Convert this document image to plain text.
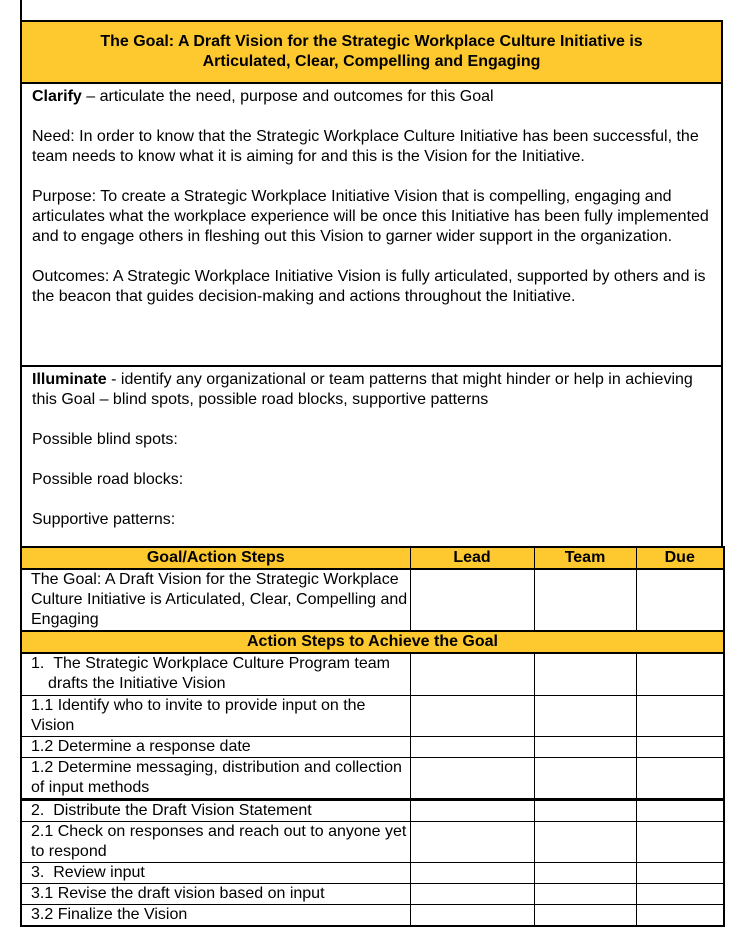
The Goal: A Draft Vision for the Strategic Workplace Culture Initiative is
Articulated, Clear, Compelling and Engaging

Clarify – articulate the need, purpose and outcomes for this Goal

Need: In order to know that the Strategic Workplace Culture Initiative has been successful, the team needs to know what it is aiming for and this is the Vision for the Initiative.

Purpose: To create a Strategic Workplace Initiative Vision that is compelling, engaging and articulates what the workplace experience will be once this Initiative has been fully implemented and to engage others in fleshing out this Vision to garner wider support in the organization.

Outcomes: A Strategic Workplace Initiative Vision is fully articulated, supported by others and is the beacon that guides decision-making and actions throughout the Initiative.

Illuminate - identify any organizational or team patterns that might hinder or help in achieving this Goal – blind spots, possible road blocks, supportive patterns

Possible blind spots:

Possible road blocks:

Supportive patterns:

Goal/Action Steps	Lead	Team	Due
The Goal: A Draft Vision for the Strategic Workplace Culture Initiative is Articulated, Clear, Compelling and Engaging			
Action Steps to Achieve the Goal			
1.  The Strategic Workplace Culture Program team drafts the Initiative Vision			
1.1 Identify who to invite to provide input on the Vision			
1.2 Determine a response date			
1.2 Determine messaging, distribution and collection of input methods			
2.  Distribute the Draft Vision Statement			
2.1 Check on responses and reach out to anyone yet to respond			
3.  Review input			
3.1 Revise the draft vision based on input			
3.2 Finalize the Vision			
